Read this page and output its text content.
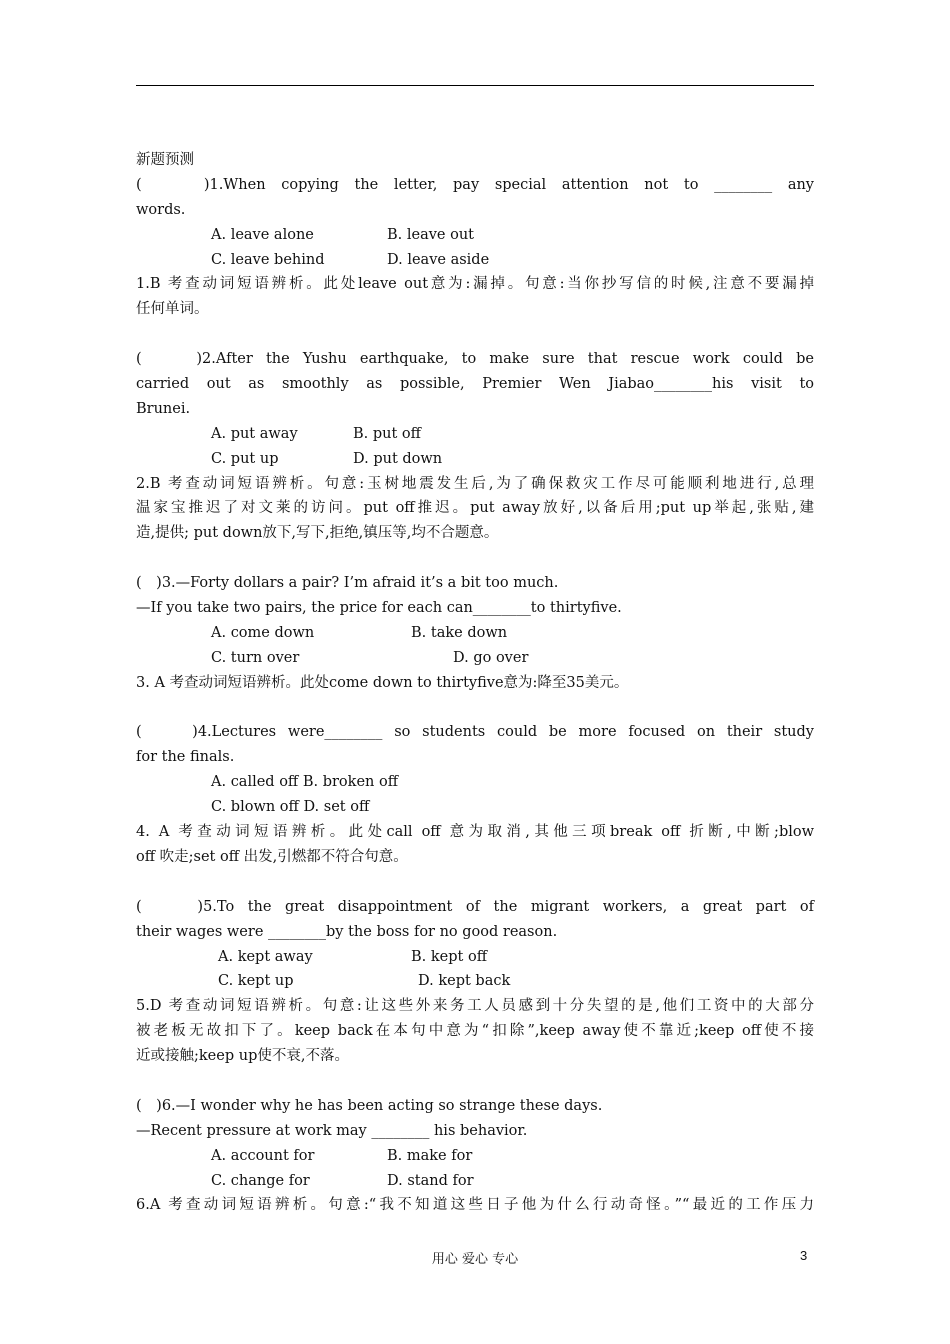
新题预测
(　　)1.When copying the letter, pay special attention not to ________ any
words.
A. leave alone	B. leave out
C. leave behind	D. leave aside
1.B 考查动词短语辨析。此处leave out意为:漏掉。句意:当你抄写信的时候,注意不要漏掉
任何单词。
(　　)2.After the Yushu earthquake, to make sure that rescue work could be
carried out as smoothly as possible, Premier Wen Jiabao________his visit to
Brunei.
A. put away	B. put off
C. put up	D. put down
2.B 考查动词短语辨析。句意:玉树地震发生后,为了确保救灾工作尽可能顺利地进行,总理
温家宝推迟了对文莱的访问。put off推迟。put away放好,以备后用;put up举起,张贴,建
造,提供; put down放下,写下,拒绝,镇压等,均不合题意。
(　)3.—Forty dollars a pair? I’m afraid it’s a bit too much.
—If you take two pairs, the price for each can________to thirtyfive.
A. come down	B. take down
C. turn over	D. go over
3. A 考查动词短语辨析。此处come down to thirtyfive意为:降至35美元。
(　　)4.Lectures were________ so students could be more focused on their study
for the finals.
A. called off B. broken off
C. blown off D. set off
4. A 考查动词短语辨析。此处call off 意为取消,其他三项break off 折断,中断;blow
off 吹走;set off 出发,引燃都不符合句意。
(　　)5.To the great disappointment of the migrant workers, a great part of
their wages were ________by the boss for no good reason.
A. kept away	B. kept off
C. kept up	D. kept back
5.D 考查动词短语辨析。句意:让这些外来务工人员感到十分失望的是,他们工资中的大部分
被老板无故扣下了。keep back在本句中意为“扣除”,keep away使不靠近;keep off使不接
近或接触;keep up使不衰,不落。
(　)6.—I wonder why he has been acting so strange these days.
—Recent pressure at work may ________ his behavior.
A. account for	B. make for
C. change for	D. stand for
6.A 考查动词短语辨析。句意:“我不知道这些日子他为什么行动奇怪。”“最近的工作压力
用心 爱心 专心	3
